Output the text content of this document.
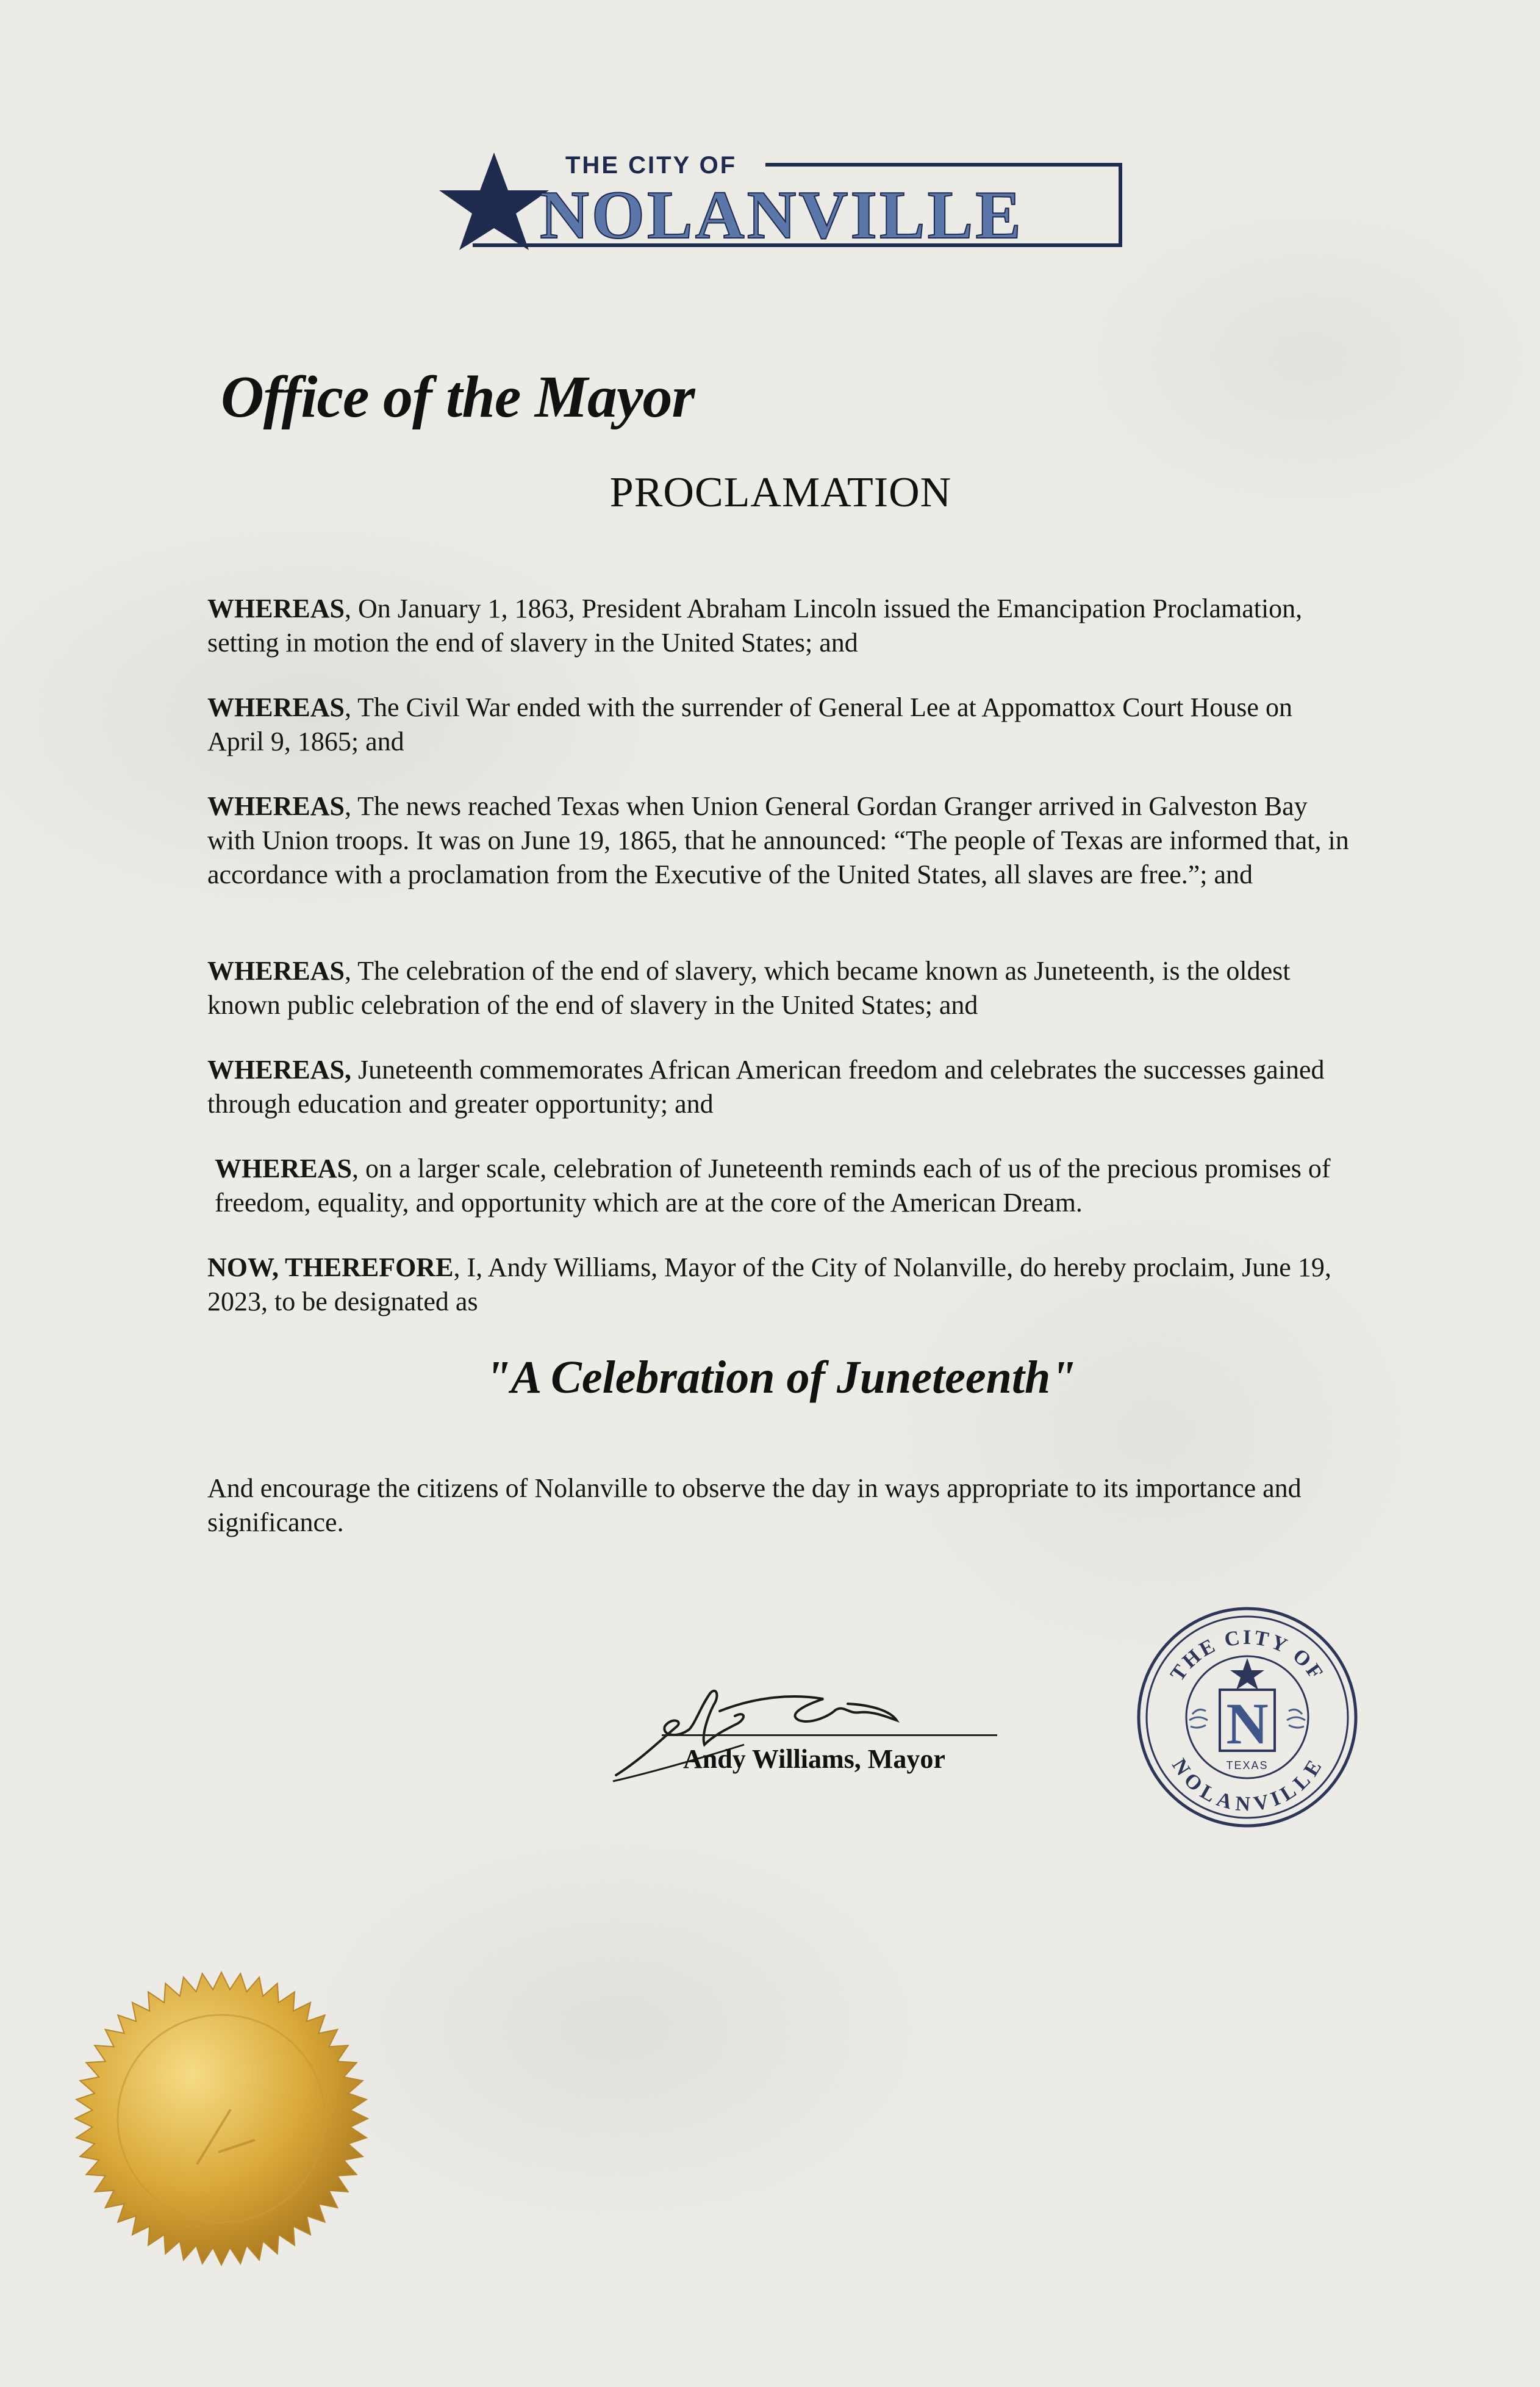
THE CITY OF
NOLANVILLE
Office of the Mayor
PROCLAMATION

WHEREAS, On January 1, 1863, President Abraham Lincoln issued the Emancipation Proclamation, setting in motion the end of slavery in the United States; and

WHEREAS, The Civil War ended with the surrender of General Lee at Appomattox Court House on April 9, 1865; and

WHEREAS, The news reached Texas when Union General Gordan Granger arrived in Galveston Bay with Union troops. It was on June 19, 1865, that he announced: “The people of Texas are informed that, in accordance with a proclamation from the Executive of the United States, all slaves are free.”; and

WHEREAS, The celebration of the end of slavery, which became known as Juneteenth, is the oldest known public celebration of the end of slavery in the United States; and

WHEREAS, Juneteenth commemorates African American freedom and celebrates the successes gained through education and greater opportunity; and

WHEREAS, on a larger scale, celebration of Juneteenth reminds each of us of the precious promises of freedom, equality, and opportunity which are at the core of the American Dream.

NOW, THEREFORE, I, Andy Williams, Mayor of the City of Nolanville, do hereby proclaim, June 19, 2023, to be designated as

"A Celebration of Juneteenth"

And encourage the citizens of Nolanville to observe the day in ways appropriate to its importance and significance.

Andy Williams, Mayor
THE CITY OF
NOLANVILLE
N
TEXAS
